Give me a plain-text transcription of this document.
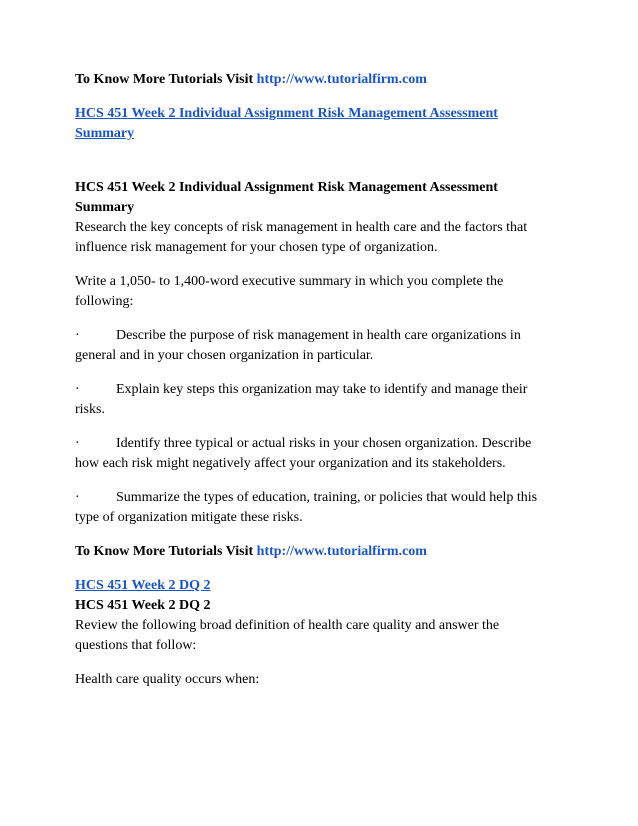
To Know More Tutorials Visit http://www.tutorialfirm.com

HCS 451 Week 2 Individual Assignment Risk Management Assessment Summary

HCS 451 Week 2 Individual Assignment Risk Management Assessment Summary

Research the key concepts of risk management in health care and the factors that influence risk management for your chosen type of organization.

Write a 1,050- to 1,400-word executive summary in which you complete the following:

·	Describe the purpose of risk management in health care organizations in general and in your chosen organization in particular.

·	Explain key steps this organization may take to identify and manage their risks.

·	Identify three typical or actual risks in your chosen organization. Describe how each risk might negatively affect your organization and its stakeholders.

·	Summarize the types of education, training, or policies that would help this type of organization mitigate these risks.

To Know More Tutorials Visit http://www.tutorialfirm.com

HCS 451 Week 2 DQ 2

HCS 451 Week 2 DQ 2

Review the following broad definition of health care quality and answer the questions that follow:

Health care quality occurs when:
